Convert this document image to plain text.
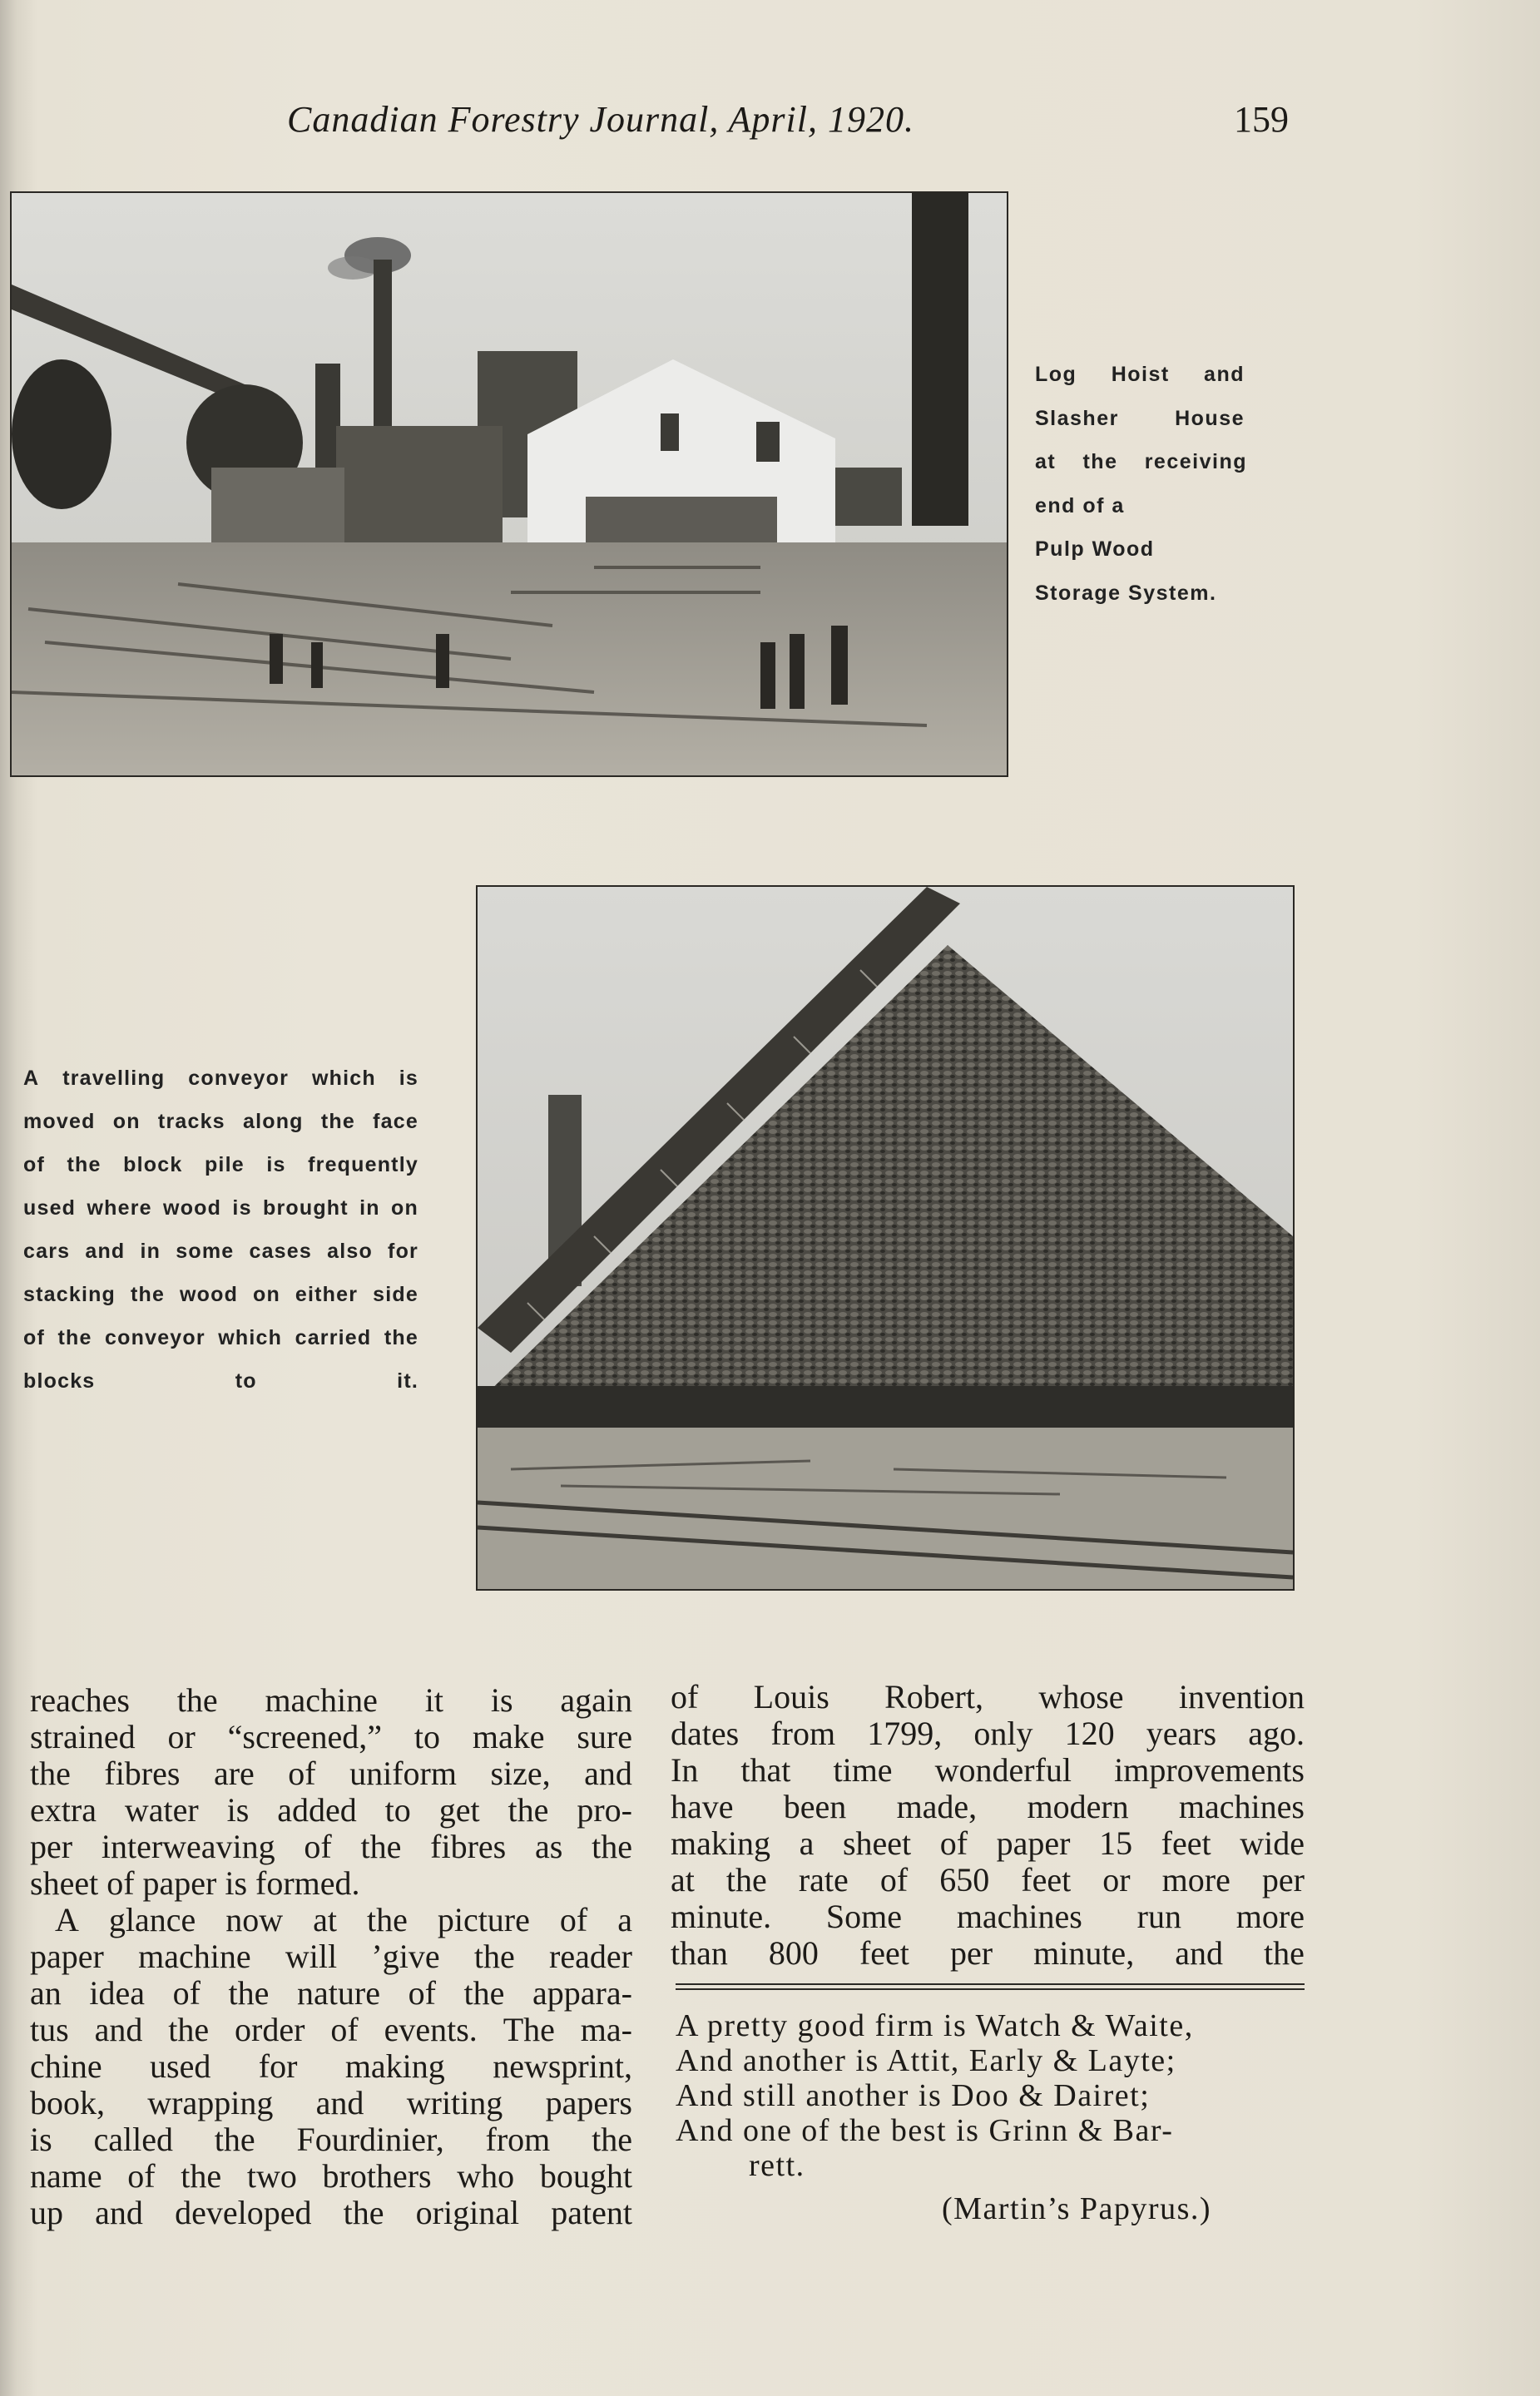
Canadian Forestry Journal, April, 1920.	159
Log Hoist and
Slasher	House
at the receiving
end of a
Pulp Wood
Storage System.
A travelling conveyor which is
moved on tracks along the face
of the block pile is frequently
used where wood is brought in on
cars and in some cases also for
stacking the wood on either side
of the conveyor which carried the
blocks to it.
reaches the machine it is again
strained or “screened,” to make sure
the fibres are of uniform size, and
extra water is added to get the pro-
per interweaving of the fibres as the
sheet of paper is formed.
A glance now at the picture of a
paper machine will ’give the reader
an idea of the nature of the appara-
tus and the order of events. The ma-
chine used for making newsprint,
book, wrapping and writing papers
is called the Fourdinier, from the
name of the two brothers who bought
up and developed the original patent
of Louis Robert, whose invention
dates from 1799, only 120 years ago.
In that time wonderful improvements
have been made, modern machines
making a sheet of paper 15 feet wide
at the rate of 650 feet or more per
minute. Some machines run more
than 800 feet per minute, and the
A pretty good firm is Watch & Waite,
And another is Attit, Early & Layte;
And still another is Doo & Dairet;
And one of the best is Grinn & Bar-
rett.
(Martin’s Papyrus.)
